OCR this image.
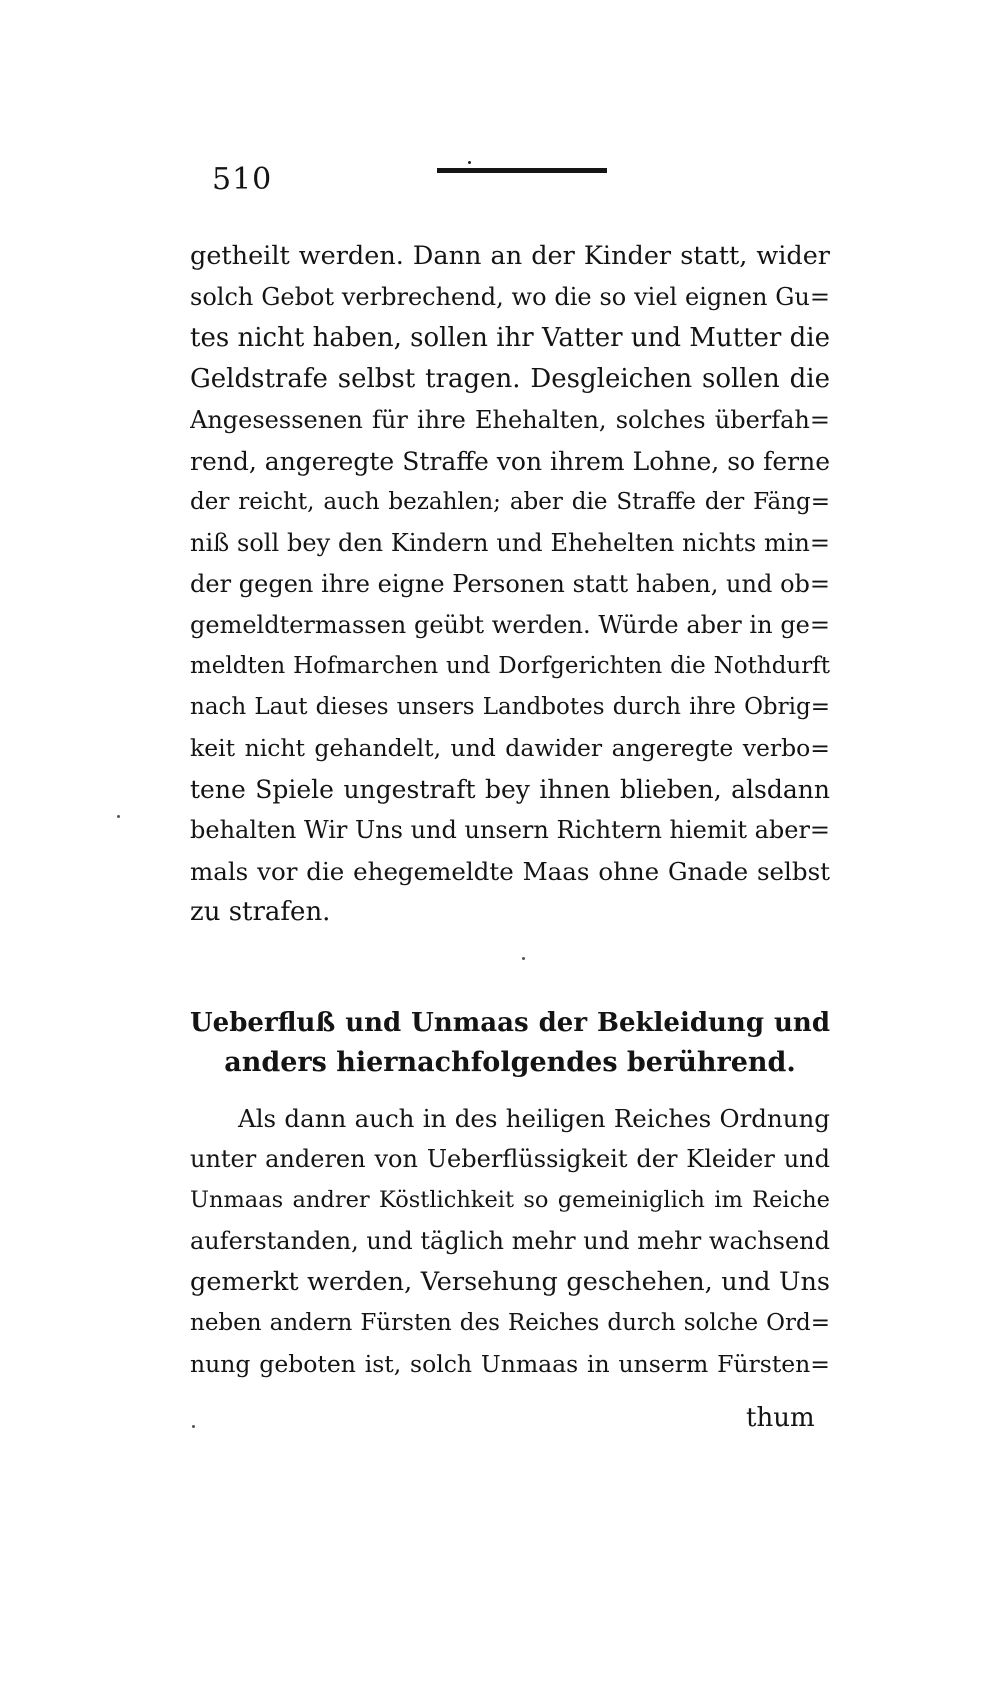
510
getheilt werden. Dann an der Kinder statt, wider
solch Gebot verbrechend, wo die so viel eignen Gu=
tes nicht haben, sollen ihr Vatter und Mutter die
Geldstrafe selbst tragen. Desgleichen sollen die
Angesessenen für ihre Ehehalten, solches überfah=
rend, angeregte Straffe von ihrem Lohne, so ferne
der reicht, auch bezahlen; aber die Straffe der Fäng=
niß soll bey den Kindern und Ehehelten nichts min=
der gegen ihre eigne Personen statt haben, und ob=
gemeldtermassen geübt werden. Würde aber in ge=
meldten Hofmarchen und Dorfgerichten die Nothdurft
nach Laut dieses unsers Landbotes durch ihre Obrig=
keit nicht gehandelt, und dawider angeregte verbo=
tene Spiele ungestraft bey ihnen blieben, alsdann
behalten Wir Uns und unsern Richtern hiemit aber=
mals vor die ehegemeldte Maas ohne Gnade selbst
zu strafen.
Ueberfluß und Unmaas der Bekleidung und
anders hiernachfolgendes berührend.
Als dann auch in des heiligen Reiches Ordnung
unter anderen von Ueberflüssigkeit der Kleider und
Unmaas andrer Köstlichkeit so gemeiniglich im Reiche
auferstanden, und täglich mehr und mehr wachsend
gemerkt werden, Versehung geschehen, und Uns
neben andern Fürsten des Reiches durch solche Ord=
nung geboten ist, solch Unmaas in unserm Fürsten=
thum
